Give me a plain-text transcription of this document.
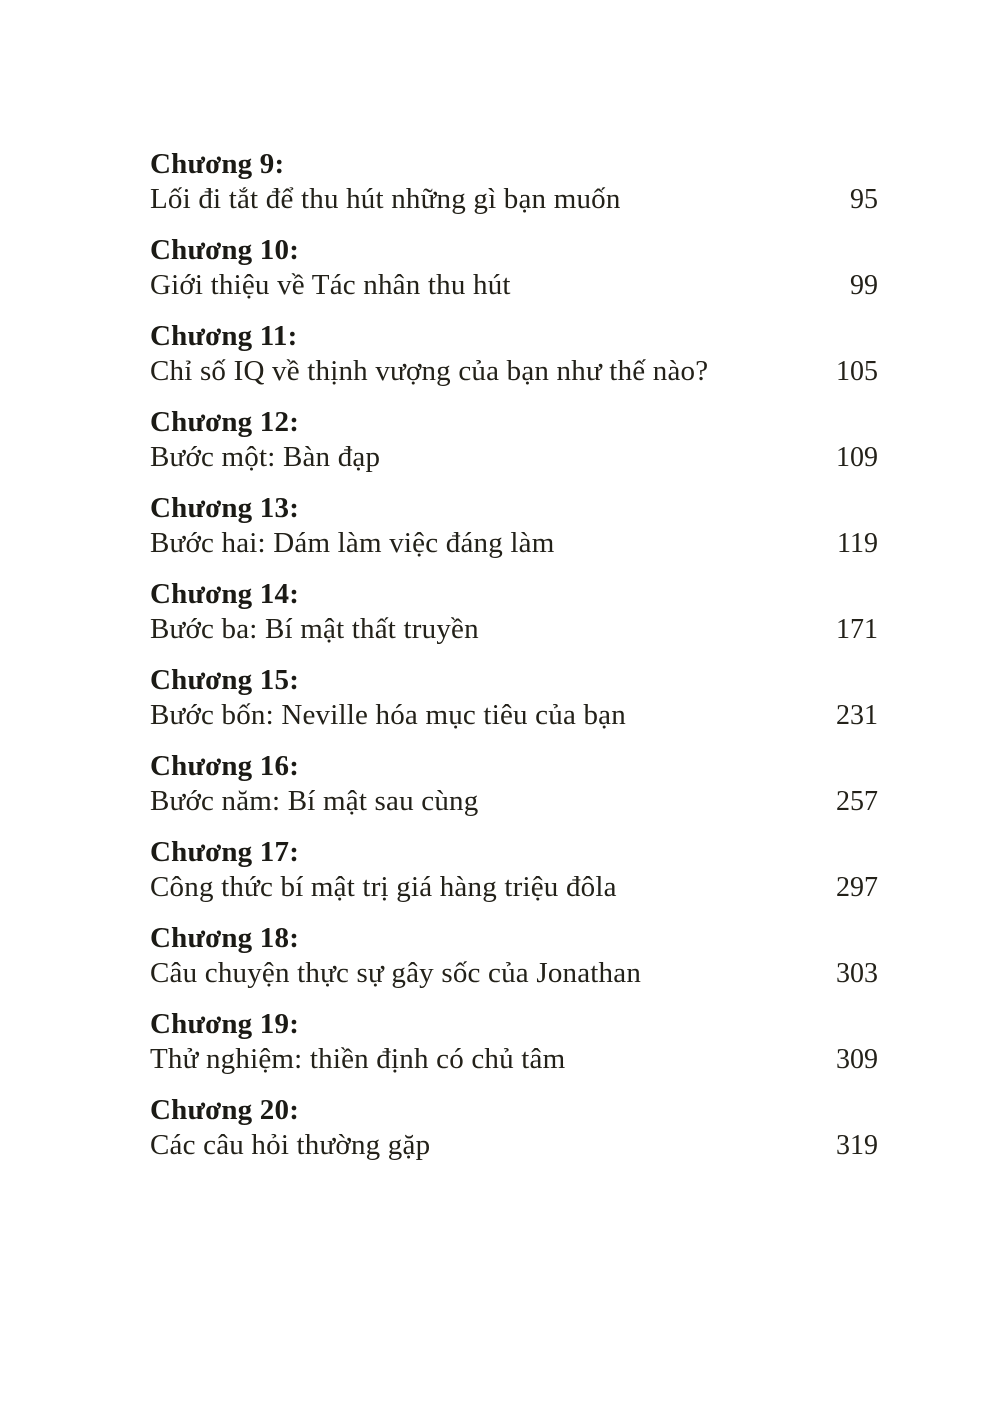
Chương 9:
Lối đi tắt để thu hút những gì bạn muốn	95
Chương 10:
Giới thiệu về Tác nhân thu hút	99
Chương 11:
Chỉ số IQ về thịnh vượng của bạn như thế nào?	105
Chương 12:
Bước một: Bàn đạp	109
Chương 13:
Bước hai: Dám làm việc đáng làm	119
Chương 14:
Bước ba: Bí mật thất truyền	171
Chương 15:
Bước bốn: Neville hóa mục tiêu của bạn	231
Chương 16:
Bước năm: Bí mật sau cùng	257
Chương 17:
Công thức bí mật trị giá hàng triệu đôla	297
Chương 18:
Câu chuyện thực sự gây sốc của Jonathan	303
Chương 19:
Thử nghiệm: thiền định có chủ tâm	309
Chương 20:
Các câu hỏi thường gặp	319
